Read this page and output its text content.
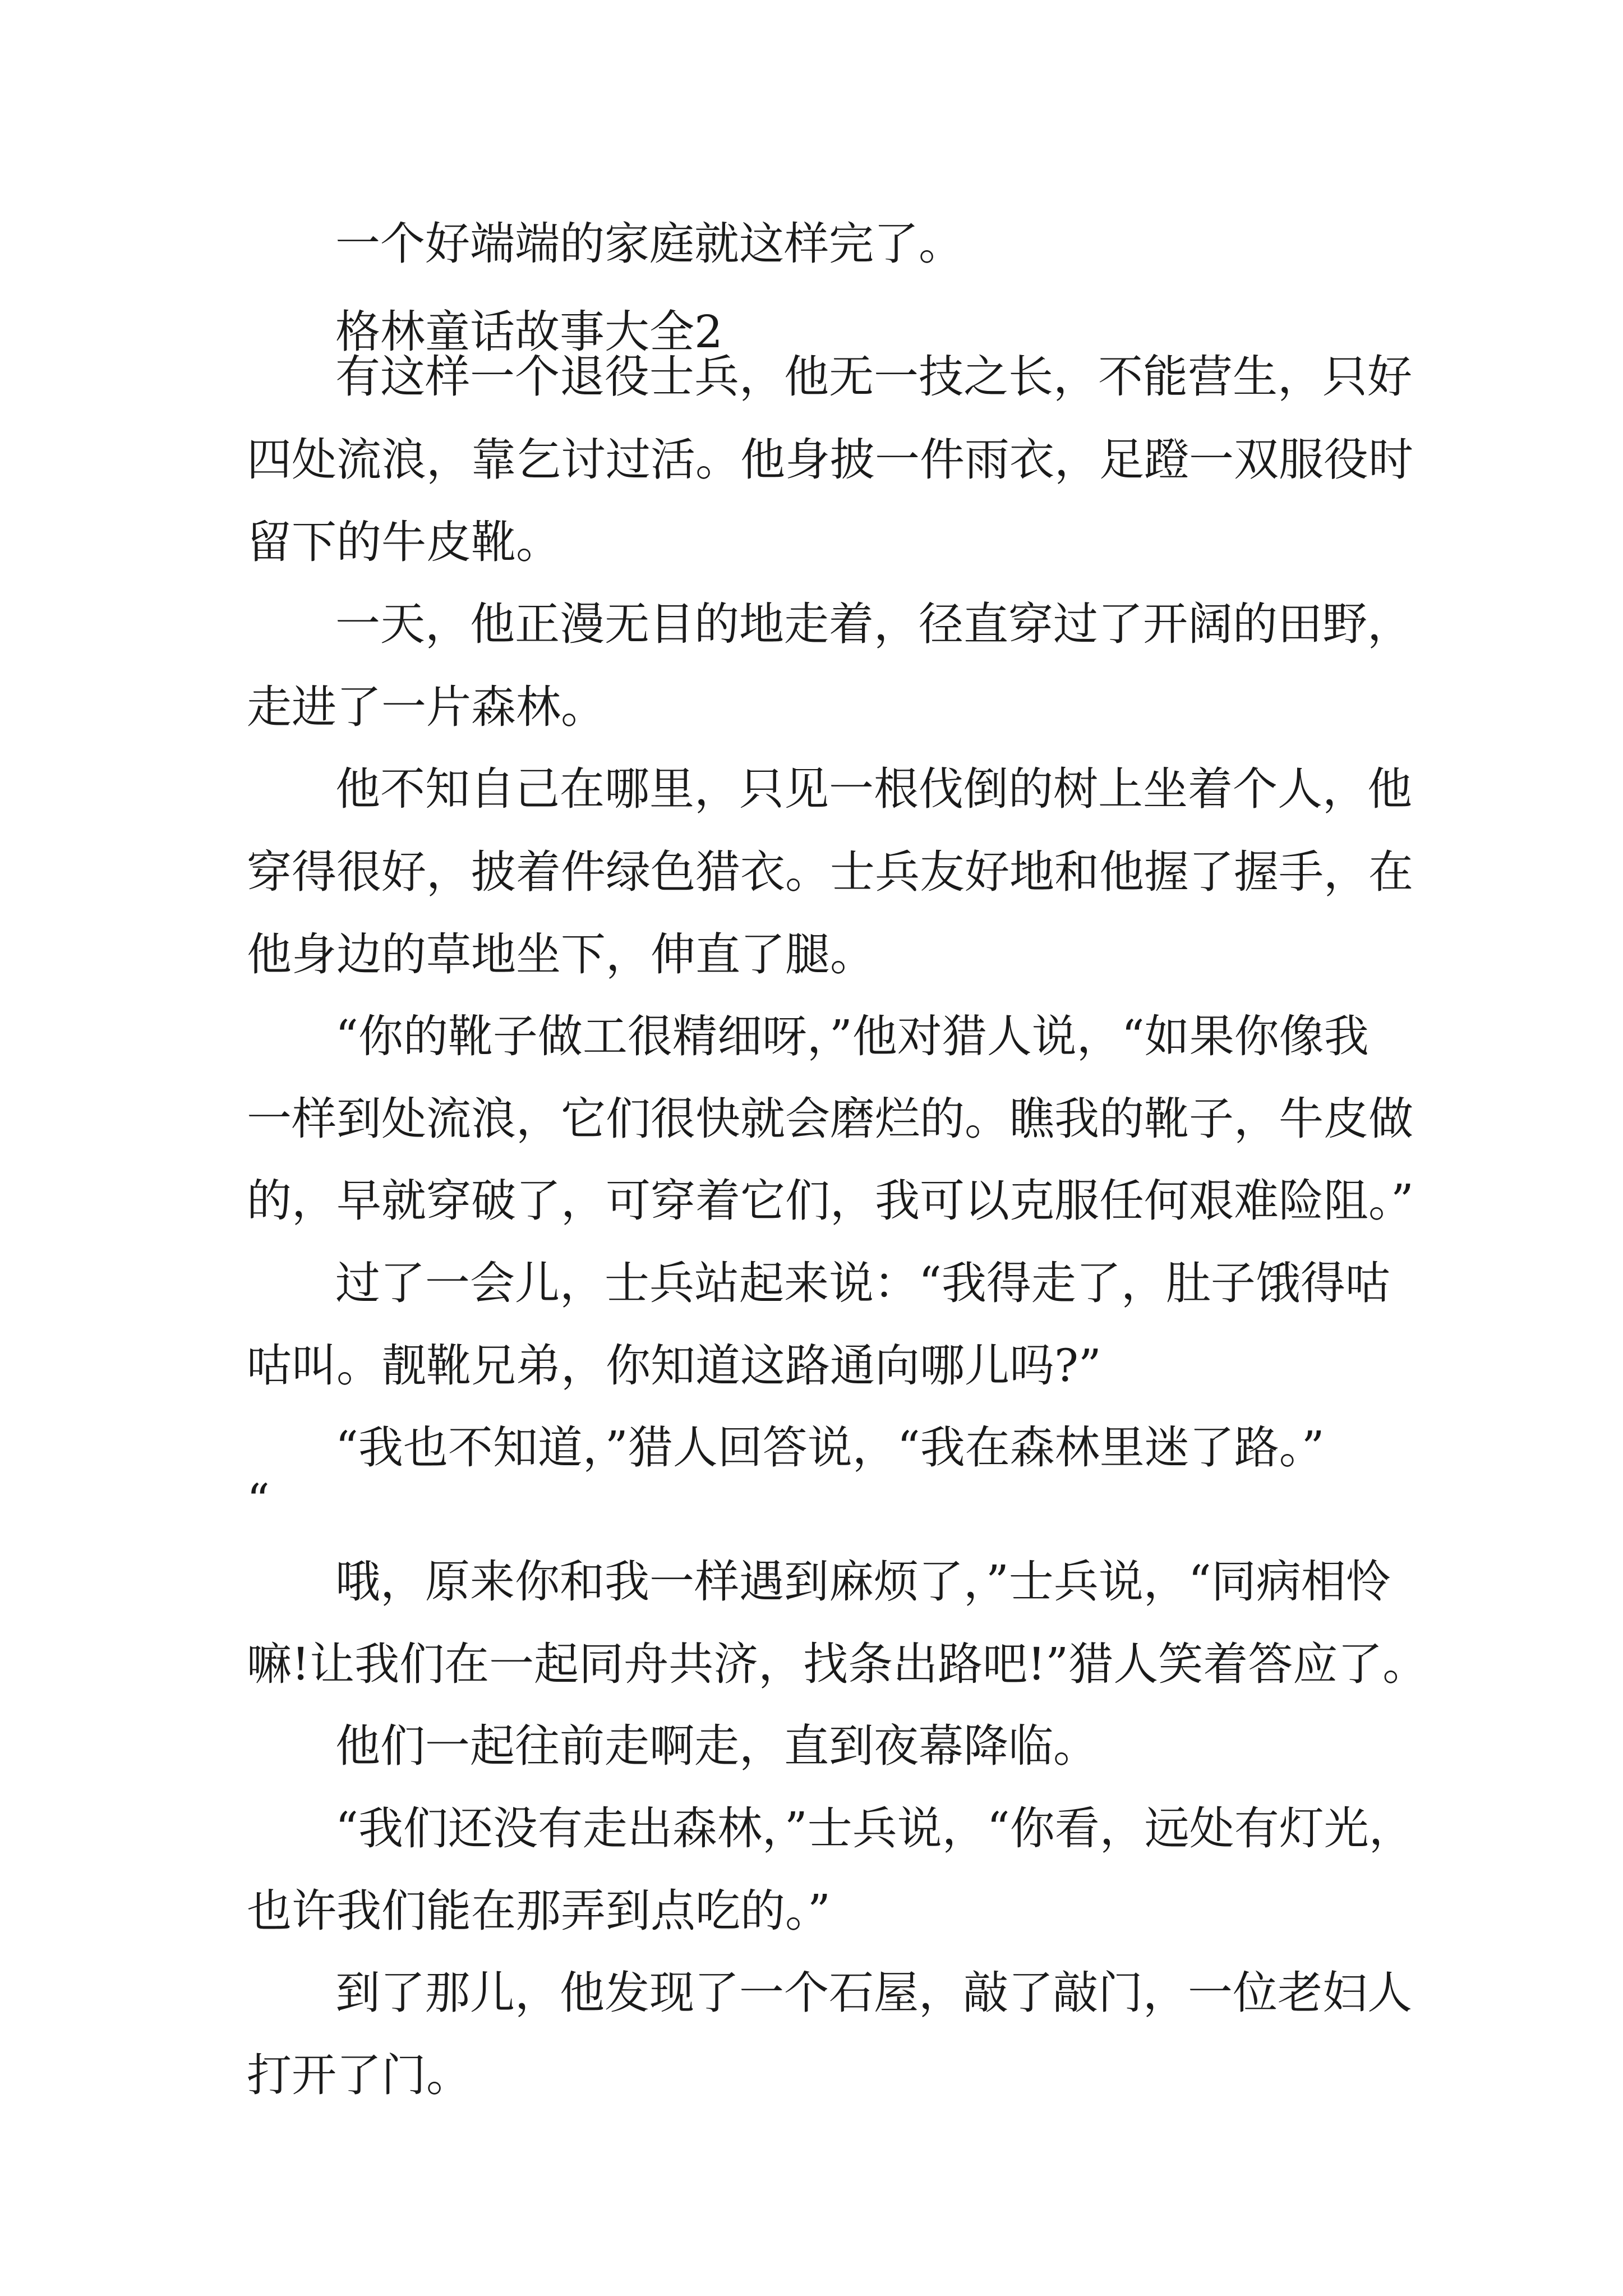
一个好端端的家庭就这样完了。

格林童话故事大全2

有这样一个退役士兵，他无一技之长，不能营生，只好

四处流浪，靠乞讨过活。他身披一件雨衣，足蹬一双服役时

留下的牛皮靴。

一天，他正漫无目的地走着，径直穿过了开阔的田野，

走进了一片森林。

他不知自己在哪里，只见一根伐倒的树上坐着个人，他

穿得很好，披着件绿色猎衣。士兵友好地和他握了握手，在

他身边的草地坐下，伸直了腿。

“你的靴子做工很精细呀，”他对猎人说，“如果你像我

一样到处流浪，它们很快就会磨烂的。瞧我的靴子，牛皮做

的，早就穿破了，可穿着它们，我可以克服任何艰难险阻。”

过了一会儿，士兵站起来说：“我得走了，肚子饿得咕

咕叫。靓靴兄弟，你知道这路通向哪儿吗?”

“我也不知道，”猎人回答说，“我在森林里迷了路。”

“

哦，原来你和我一样遇到麻烦了，”士兵说，“同病相怜

嘛!让我们在一起同舟共济，找条出路吧!”猎人笑着答应了。

他们一起往前走啊走，直到夜幕降临。

“我们还没有走出森林，”士兵说，“你看，远处有灯光，

也许我们能在那弄到点吃的。”

到了那儿，他发现了一个石屋，敲了敲门，一位老妇人

打开了门。
